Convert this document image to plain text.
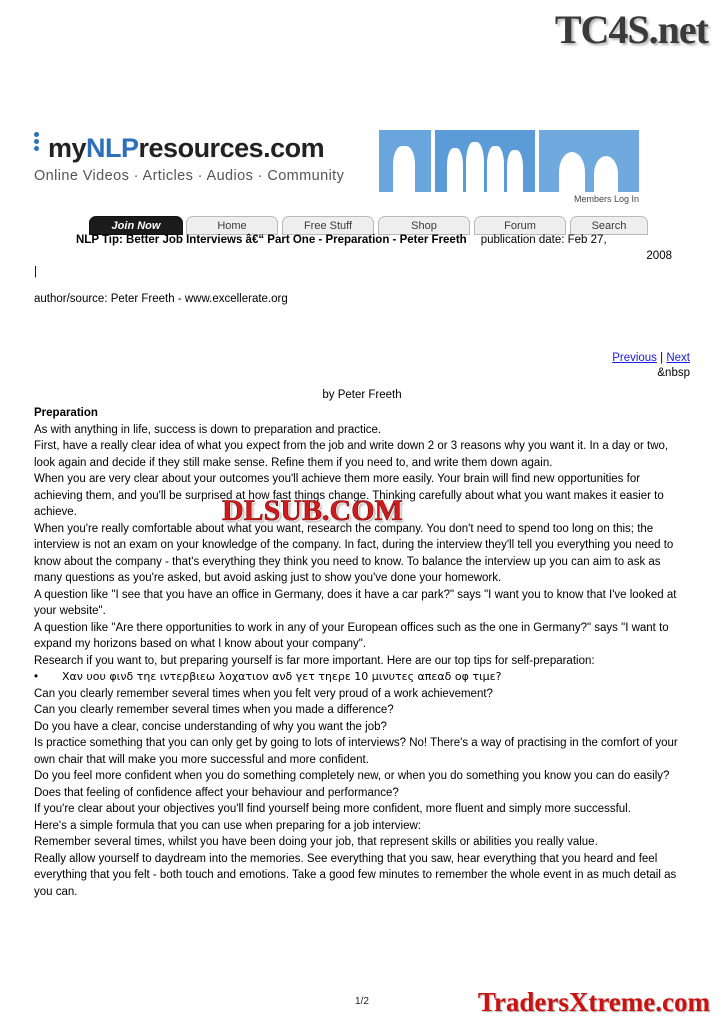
TC4S.net
myNLPresources.com
Online Videos · Articles · Audios · Community
Members Log In
Join Now	Home	Free Stuff	Shop	Forum	Search
NLP Tip: Better Job Interviews â€“ Part One - Preparation - Peter Freeth publication date: Feb 27,
2008
|
author/source: Peter Freeth - www.excellerate.org
Previous | Next
&nbsp
by Peter Freeth

Preparation

As with anything in life, success is down to preparation and practice.

First, have a really clear idea of what you expect from the job and write down 2 or 3 reasons why you want it. In a day or two, look again and decide if they still make sense. Refine them if you need to, and write them down again.

When you are very clear about your outcomes you'll achieve them more easily. Your brain will find new opportunities for achieving them, and you'll be surprised at how fast things change. Thinking carefully about what you want makes it easier to achieve.

When you're really comfortable about what you want, research the company. You don't need to spend too long on this; the interview is not an exam on your knowledge of the company. In fact, during the interview they'll tell you everything you need to know about the company - that's everything they think you need to know. To balance the interview up you can aim to ask as many questions as you're asked, but avoid asking just to show you've done your homework.

A question like "I see that you have an office in Germany, does it have a car park?" says "I want you to know that I've looked at your website".

A question like "Are there opportunities to work in any of your European offices such as the one in Germany?" says "I want to expand my horizons based on what I know about your company".

Research if you want to, but preparing yourself is far more important. Here are our top tips for self-preparation:

• Χαν υου φινδ τηε ιντερβιεω λοχατιον ανδ γετ τηερε 10 μινυτες απεαδ οφ τιμε?

Can you clearly remember several times when you felt very proud of a work achievement?

Can you clearly remember several times when you made a difference?

Do you have a clear, concise understanding of why you want the job?

Is practice something that you can only get by going to lots of interviews? No! There's a way of practising in the comfort of your own chair that will make you more successful and more confident.

Do you feel more confident when you do something completely new, or when you do something you know you can do easily?

Does that feeling of confidence affect your behaviour and performance?

If you're clear about your objectives you'll find yourself being more confident, more fluent and simply more successful.

Here's a simple formula that you can use when preparing for a job interview:

Remember several times, whilst you have been doing your job, that represent skills or abilities you really value.

Really allow yourself to daydream into the memories. See everything that you saw, hear everything that you heard and feel everything that you felt - both touch and emotions. Take a good few minutes to remember the whole event in as much detail as you can.

DLSUB.COM
1/2	TradersXtreme.com
